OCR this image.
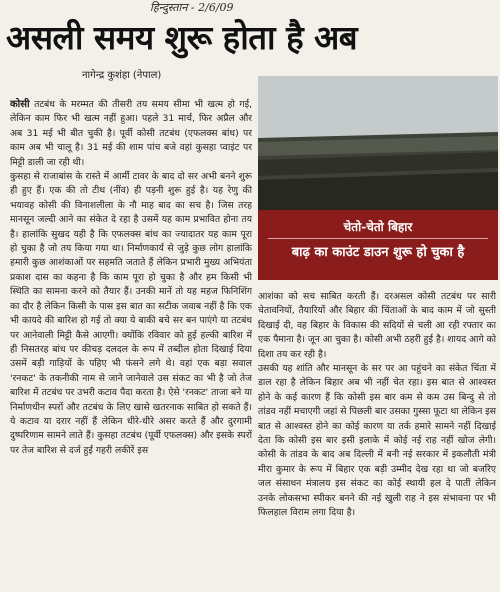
हिन्दुस्तान - 2/6/09
असली समय शुरू होता है अब
नागेन्द्र कुशंहा (नेपाल)
चेतो-चेतो बिहार
बाढ़ का काउंट डाउन शुरू हो चुका है

कोसी तटबंध के मरम्मत की तीसरी तय समय सीमा भी खत्म हो गई, लेकिन काम फिर भी खत्म नहीं हुआ। पहले 31 मार्च, फिर अप्रैल और अब 31 मई भी बीत चुकी है। पूर्वी कोसी तटबंध (एफलक्स बांध) पर काम अब भी चालू है। 31 मई की शाम पांच बजे वहां कुसहा प्वाइंट पर मिट्टी डाली जा रही थी।

कुसहा से राजाबांस के रास्ते में आर्मी टावर के बाद दो सर अभी बनने शुरू ही हुए हैं। एक की तो टीथ (नींव) ही पड़नी शुरू हुई है। यह रेणु की भयावह कोसी की विनाशलीला के नौ माह बाद का सच है। जिस तरह मानसून जल्दी आने का संकेत दे रहा है उसमें यह काम प्रभावित होना तय है। हालांकि सुखद यही है कि एफलक्स बांध का ज्यादातर यह काम पूरा हो चुका है जो तय किया गया था। निर्माणकार्य से जुड़े कुछ लोग हालांकि हमारी कुछ आशंकाओं पर सहमति जताते हैं लेकिन प्रभारी मुख्य अभियंता प्रकाश दास का कहना है कि काम पूरा हो चुका है और हम किसी भी स्थिति का सामना करने को तैयार हैं। उनकी मानें तो यह महज फिनिशिंग का दौर है लेकिन किसी के पास इस बात का सटीक जवाब नहीं है कि एक भी कायदे की बारिश हो गई तो क्या ये बाकी बचे सर बन पाएंगे या तटबंध पर आनेवाली मिट्टी कैसे आएगी। क्योंकि रविवार को हुई हल्की बारिश में ही निसतरह बांध पर कीचड़ दलदल के रूप में तब्दील होता दिखाई दिया उसमें बड़ी गाड़ियों के पहिए भी फंसने लगे थे। वहां एक बड़ा सवाल 'रनकट' के तकनीकी नाम से जाने जानेवाले उस संकट का भी है जो तेज बारिश में तटबंध पर उभरी कटाव पैदा करता है। ऐसे 'रनकट' ताजा बने या निर्माणधीन स्परों और तटबंध के लिए खासे खतरनाक साबित हो सकते हैं। ये कटाव या दरार नहीं हैं लेकिन धीरे-धीरे असर करते हैं और दुरगामी दुष्परिणाम सामने लाते हैं। कुसहा तटबंध (पूर्वी एफलक्स) और इसके स्परों पर तेज बारिश से दर्ज हुई गहरी लकीरें इस

आशंका को सच साबित करती हैं। दरअसल कोसी तटबंध पर सारी चेतावनियों, तैयारियों और बिहार की चिंताओं के बाद काम में जो सुस्ती दिखाई दी, वह बिहार के विकास की सदियों से चली आ रही रफ्तार का एक पैमाना है। जून आ चुका है। कोसी अभी ठहरी हुई है। शायद आगे को दिशा तय कर रही है।

उसकी यह शांति और मानसून के सर पर आ पहुंचने का संकेत चिंता में डाल रहा है लेकिन बिहार अब भी नहीं चेत रहा। इस बात से आश्वस्त होने के कई कारण हैं कि कोसी इस बार कम से कम उस बिन्दु से तो तांडव नहीं मचाएगी जहां से पिछली बार उसका गुस्सा फूटा था लेकिन इस बात से आश्वस्त होने का कोई कारण या तर्क हमारे सामने नहीं दिखाई देता कि कोसी इस बार इसी इलाके में कोई नई राह नहीं खोज लेगी। कोसी के तांडव के बाद अब दिल्ली में बनी नई सरकार में इकलौती मंत्री मीरा कुमार के रूप में बिहार एक बड़ी उम्मीद देख रहा था जो बजरिए जल संसाधन मंत्रालय इस संकट का कोई स्थायी हल दे पातीं लेकिन उनके लोकसभा स्पीकर बनने की नई खुली राह ने इस संभावना पर भी फिलहाल विराम लगा दिया है।
